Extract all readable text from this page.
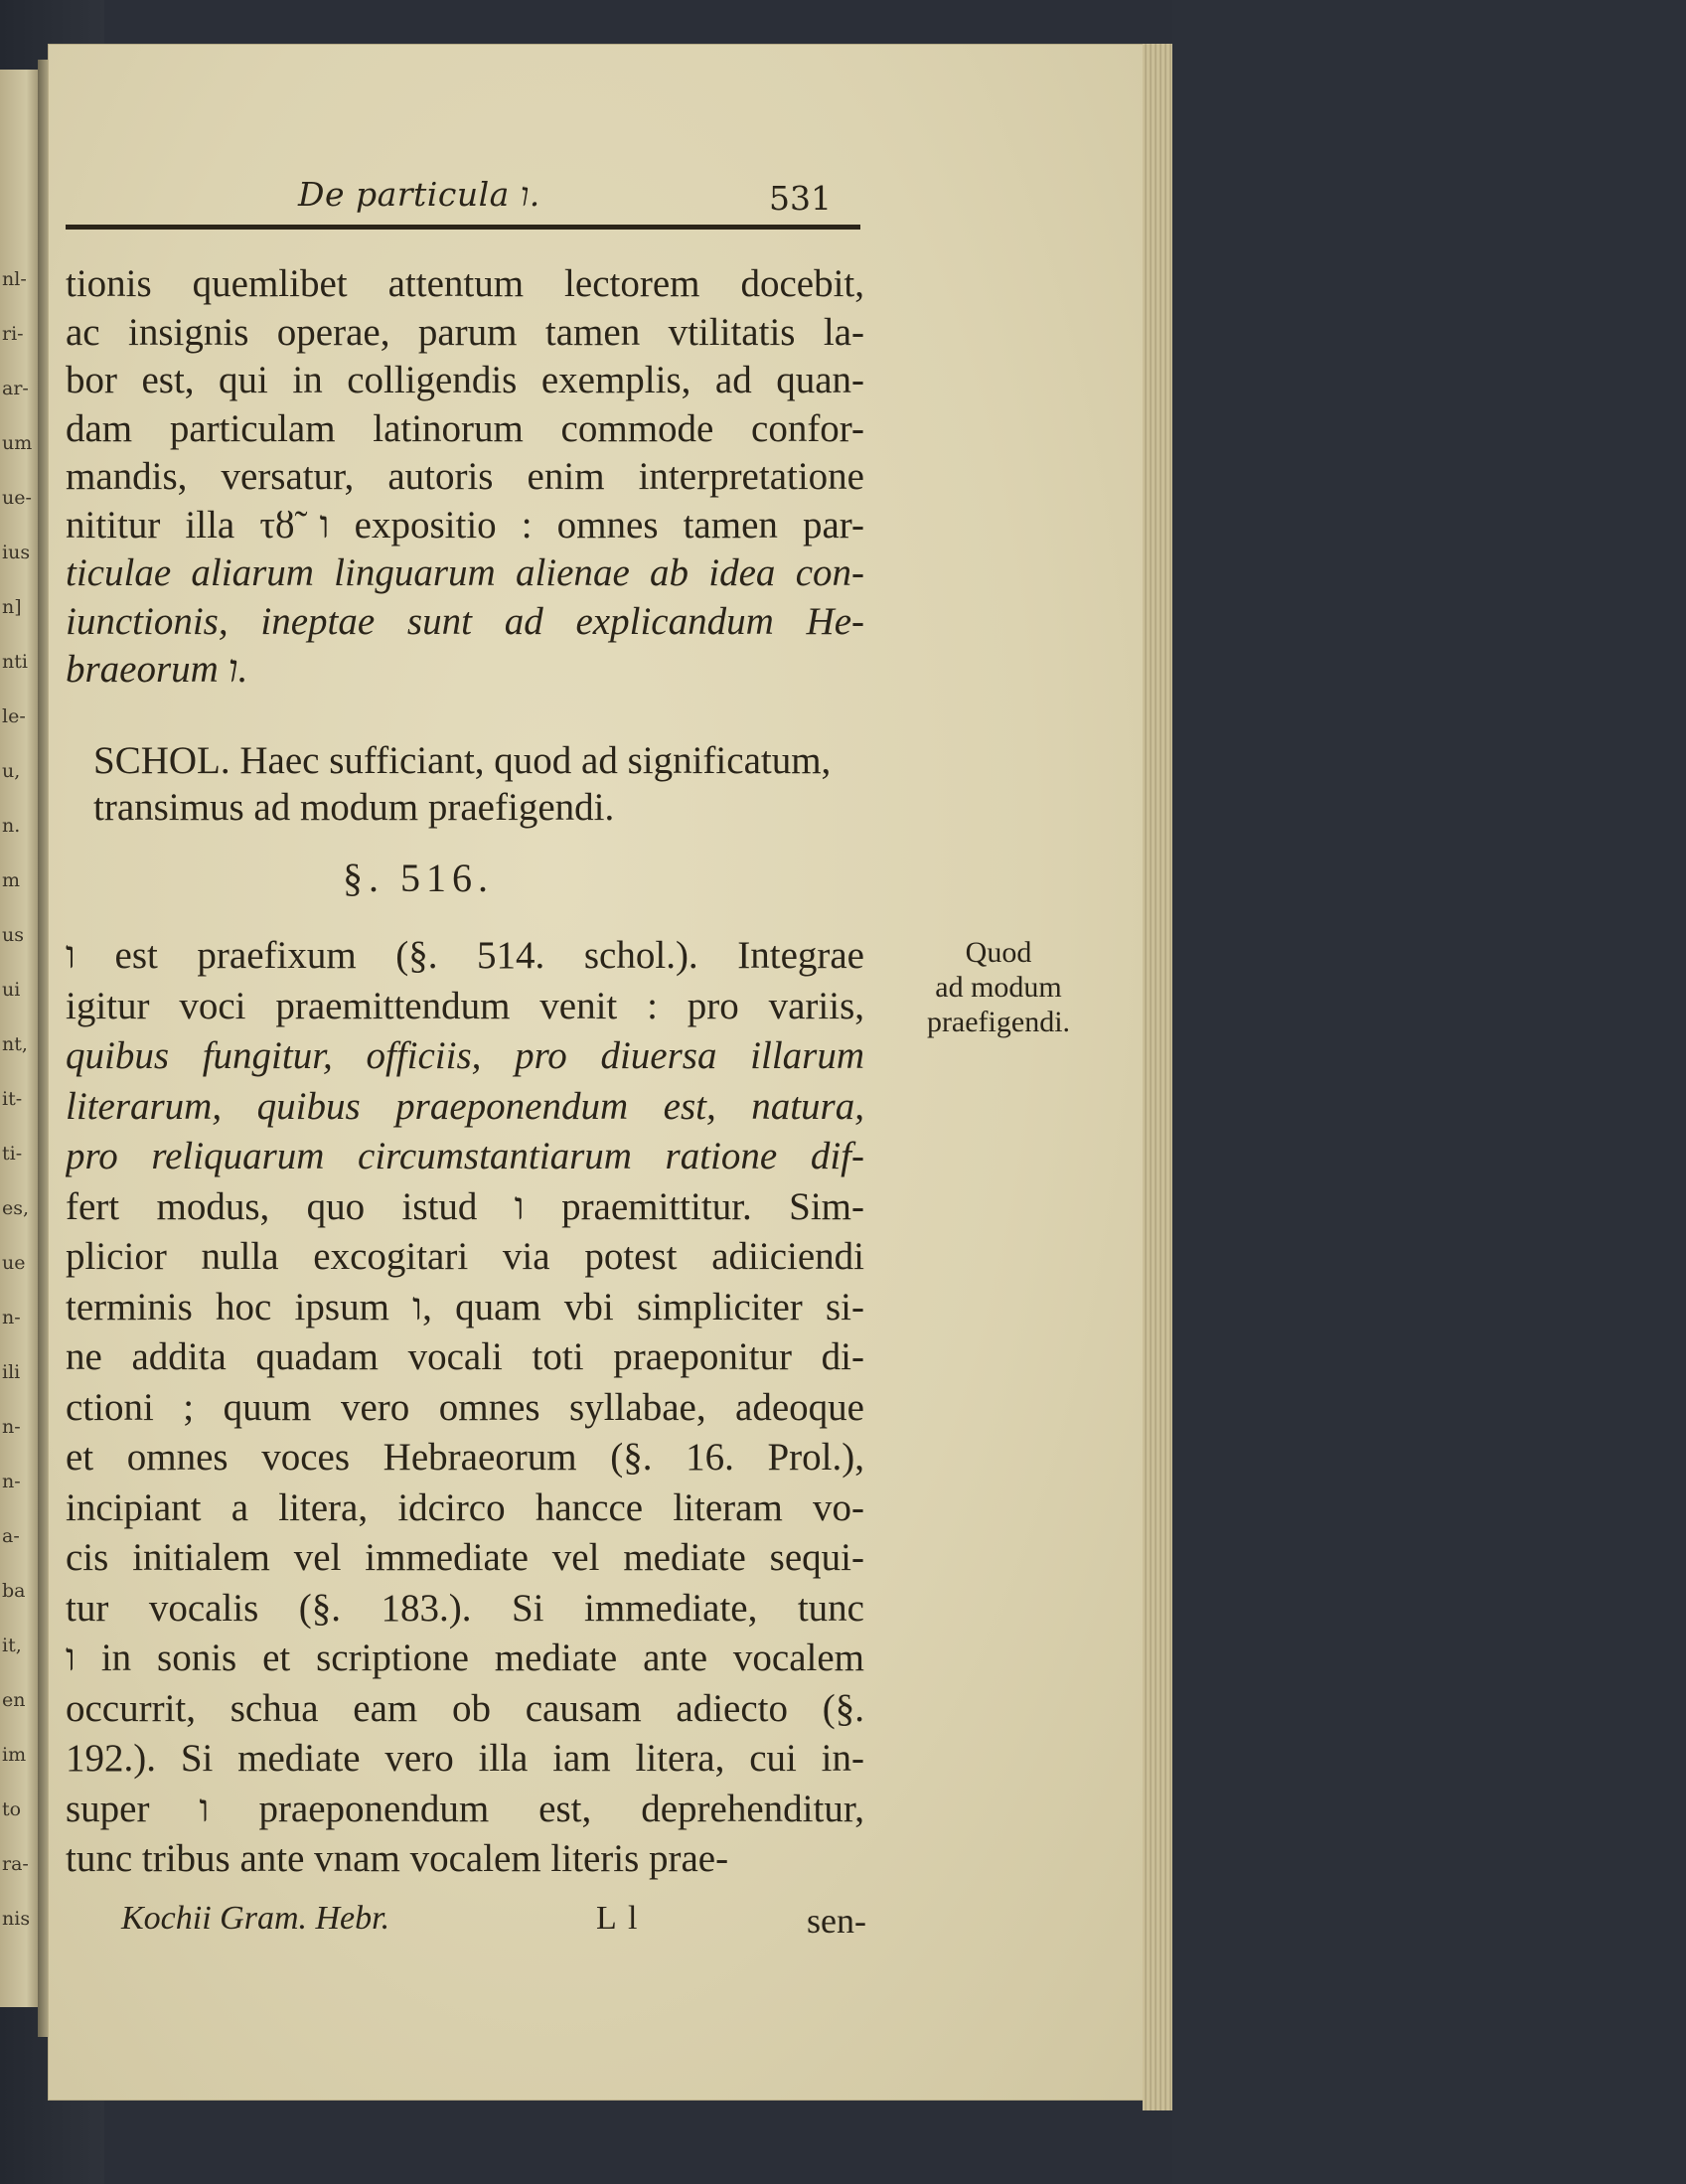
nl-
ri-
ar-
um
ue-
ius
n]
nti
le-
u,
n.
m
us
ui
nt,
it-
ti-
es,
ue
n-
ili
n-
n-
a-
ba
it,
en
im
to
ra-
nis
De particula ו.	531
tionis quemlibet attentum lectorem docebit,
ac insignis operae, parum tamen vtilitatis la-
bor est, qui in colligendis exemplis, ad quan-
dam particulam latinorum commode confor-
mandis, versatur, autoris enim interpretatione
nititur illa τȣ̃ ו expositio : omnes tamen par-
ticulae aliarum linguarum alienae ab idea con-
iunctionis, ineptae sunt ad explicandum He-
braeorum ו.
SCHOL. Haec sufficiant, quod ad significatum,
transimus ad modum praefigendi.
§. 516.
ו est praefixum (§. 514. schol.). Integrae
igitur voci praemittendum venit : pro variis,
quibus fungitur, officiis, pro diuersa illarum
literarum, quibus praeponendum est, natura,
pro reliquarum circumstantiarum ratione dif-
fert modus, quo istud ו praemittitur. Sim-
plicior nulla excogitari via potest adiiciendi
terminis hoc ipsum ו, quam vbi simpliciter si-
ne addita quadam vocali toti praeponitur di-
ctioni ; quum vero omnes syllabae, adeoque
et omnes voces Hebraeorum (§. 16. Prol.),
incipiant a litera, idcirco hancce literam vo-
cis initialem vel immediate vel mediate sequi-
tur vocalis (§. 183.). Si immediate, tunc
ו in sonis et scriptione mediate ante vocalem
occurrit, schua eam ob causam adiecto (§.
192.). Si mediate vero illa iam litera, cui in-
super ו praeponendum est, deprehenditur,
tunc tribus ante vnam vocalem literis prae-
Quod
ad modum
praefigendi.
Kochii Gram. Hebr.	L l	sen-
